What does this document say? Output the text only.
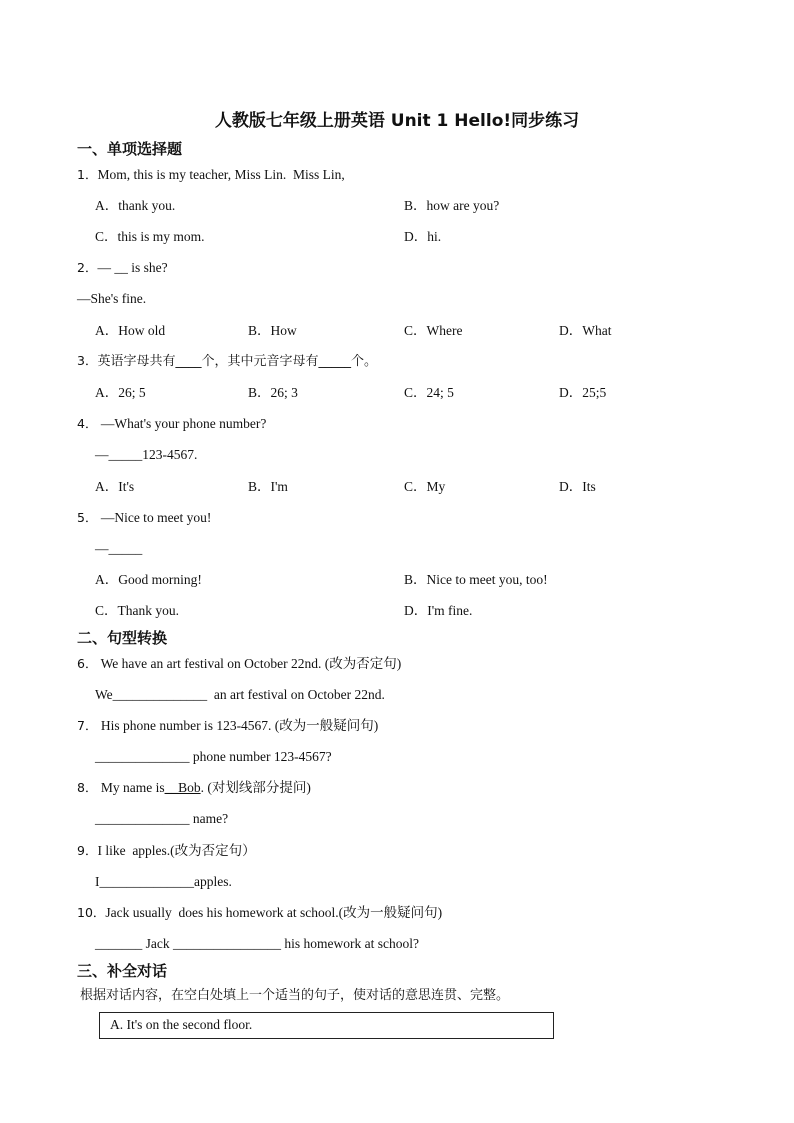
人教版七年级上册英语 Unit 1 Hello!同步练习
一、单项选择题
1．Mom, this is my teacher, Miss Lin.  Miss Lin,
A．thank you.	B．how are you?
C．this is my mom.	D．hi.
2．— __ is she?
—She's fine.
A．How old	B．How	C．Where	D．What
3．英语字母共有____个，其中元音字母有_____个。
A．26; 5	B．26; 3	C．24; 5	D．25;5
4． —What's your phone number?
—_____123-4567.
A．It's	B．I'm	C．My	D．Its
5． —Nice to meet you!
—_____
A．Good morning!	B．Nice to meet you, too!
C．Thank you.	D．I'm fine.
二、句型转换
6． We have an art festival on October 22nd. (改为否定句)
We______________  an art festival on October 22nd.
7． His phone number is 123-4567. (改为一般疑问句)
______________ phone number 123-4567?
8． My name is__Bob. (对划线部分提问)
______________ name?
9．I like  apples.(改为否定句）
I______________apples.
10．Jack usually  does his homework at school.(改为一般疑问句)
_______ Jack ________________ his homework at school?
三、补全对话
根据对话内容，在空白处填上一个适当的句子，使对话的意思连贯、完整。
A. It's on the second floor.
